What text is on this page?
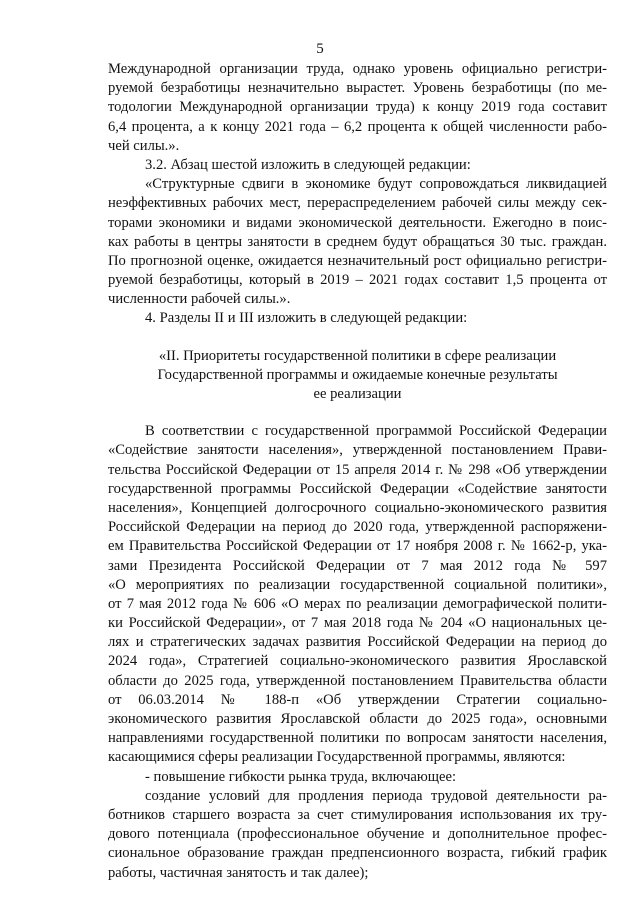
5
Международной организации труда, однако уровень официально регистри-
руемой безработицы незначительно вырастет. Уровень безработицы (по ме-
тодологии Международной организации труда) к концу 2019 года составит
6,4 процента, а к концу 2021 года – 6,2 процента к общей численности рабо-
чей силы.».
3.2. Абзац шестой изложить в следующей редакции:
«Структурные сдвиги в экономике будут сопровождаться ликвидацией
неэффективных рабочих мест, перераспределением рабочей силы между сек-
торами экономики и видами экономической деятельности. Ежегодно в поис-
ках работы в центры занятости в среднем будут обращаться 30 тыс. граждан.
По прогнозной оценке, ожидается незначительный рост официально регистри-
руемой безработицы, который в 2019 – 2021 годах составит 1,5 процента от
численности рабочей силы.».
4. Разделы II и III изложить в следующей редакции:
«II. Приоритеты государственной политики в сфере реализации
Государственной программы и ожидаемые конечные результаты
ее реализации
В соответствии с государственной программой Российской Федерации
«Содействие занятости населения», утвержденной постановлением Прави-
тельства Российской Федерации от 15 апреля 2014 г. № 298 «Об утверждении
государственной программы Российской Федерации «Содействие занятости
населения», Концепцией долгосрочного социально-экономического развития
Российской Федерации на период до 2020 года, утвержденной распоряжени-
ем Правительства Российской Федерации от 17 ноября 2008 г. № 1662-р, ука-
зами Президента Российской Федерации от 7 мая 2012 года № 597
«О мероприятиях по реализации государственной социальной политики»,
от 7 мая 2012 года № 606 «О мерах по реализации демографической полити-
ки Российской Федерации», от 7 мая 2018 года № 204 «О национальных це-
лях и стратегических задачах развития Российской Федерации на период до
2024 года», Стратегией социально-экономического развития Ярославской
области до 2025 года, утвержденной постановлением Правительства области
от 06.03.2014 № 188-п «Об утверждении Стратегии социально-
экономического развития Ярославской области до 2025 года», основными
направлениями государственной политики по вопросам занятости населения,
касающимися сферы реализации Государственной программы, являются:
- повышение гибкости рынка труда, включающее:
создание условий для продления периода трудовой деятельности ра-
ботников старшего возраста за счет стимулирования использования их тру-
дового потенциала (профессиональное обучение и дополнительное профес-
сиональное образование граждан предпенсионного возраста, гибкий график
работы, частичная занятость и так далее);
